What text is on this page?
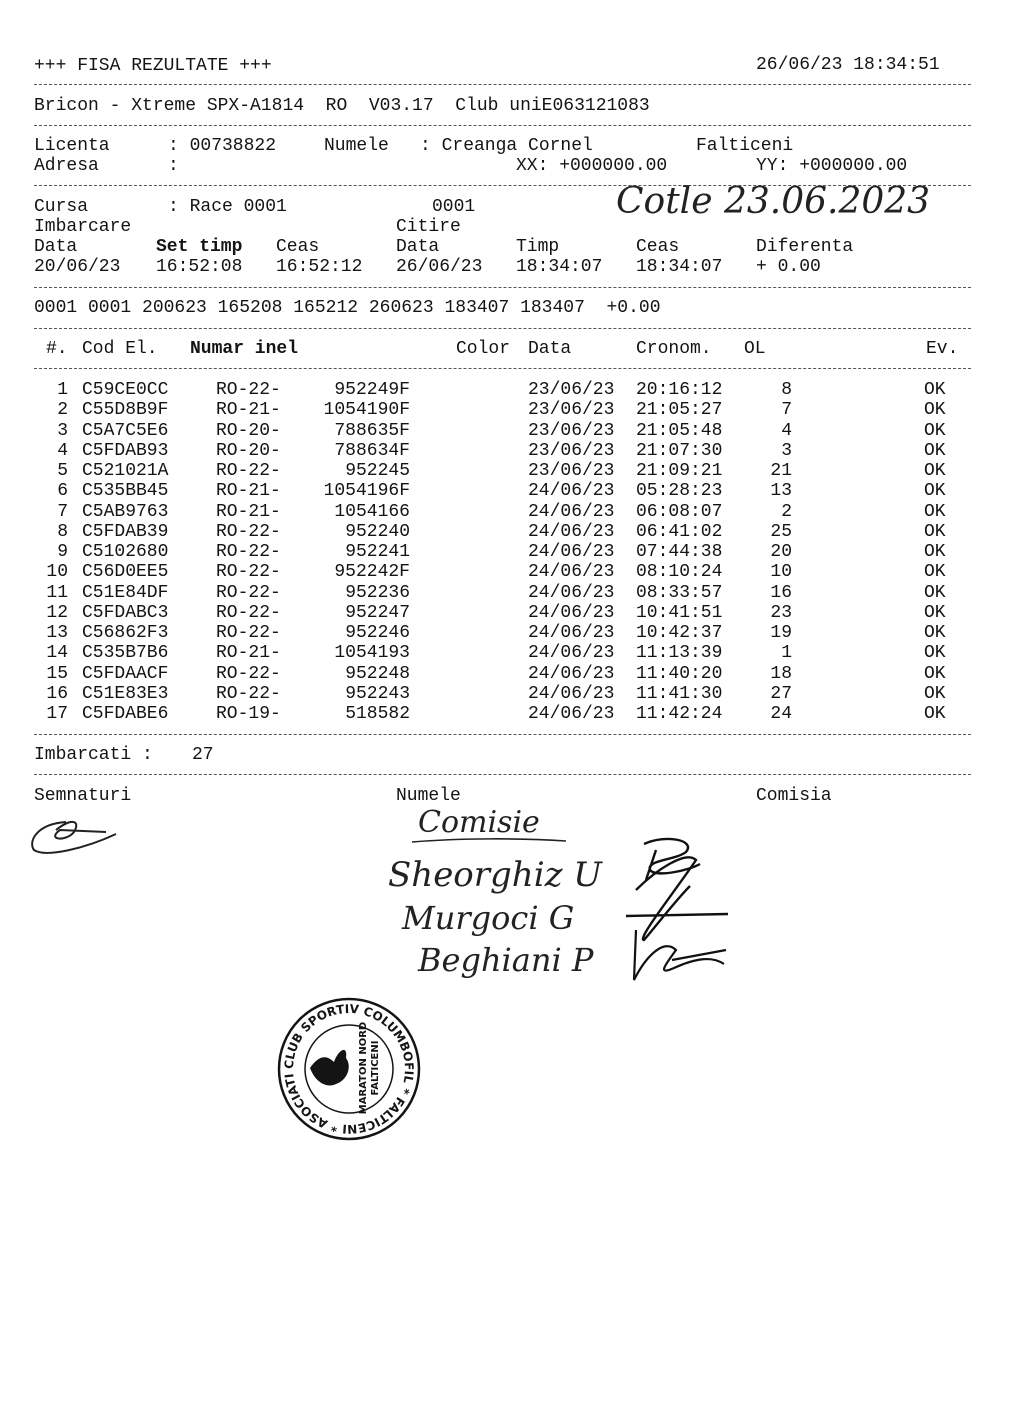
+++ FISA REZULTATE +++	26/06/23 18:34:51
Bricon - Xtreme SPX-A1814  RO  V03.17  Club uniE063121083
Licenta	: 00738822	Numele : Creanga Cornel	Falticeni
Adresa	:	XX: +000000.00	YY: +000000.00
Cursa	: Race 0001	0001	Cotle 23.06.2023
Imbarcare	Citire
Data	Set timp Ceas	Data	Timp	Ceas	Diferenta
20/06/23 16:52:08 16:52:12 26/06/23 18:34:07 18:34:07 + 0.00
0001 0001 200623 165208 165212 260623 183407 183407  +0.00
#. Cod El. Numar inel	Color Data	Cronom. OL	Ev.
1 C59CE0CC	RO-22-	952249F	23/06/23 20:16:12	8	OK
2 C55D8B9F	RO-21-	1054190F	23/06/23 21:05:27	7	OK
3 C5A7C5E6	RO-20-	788635F	23/06/23 21:05:48	4	OK
4 C5FDAB93	RO-20-	788634F	23/06/23 21:07:30	3	OK
5 C521021A	RO-22-	952245	23/06/23 21:09:21	21	OK
6 C535BB45	RO-21-	1054196F	24/06/23 05:28:23	13	OK
7 C5AB9763	RO-21-	1054166	24/06/23 06:08:07	2	OK
8 C5FDAB39	RO-22-	952240	24/06/23 06:41:02	25	OK
9 C5102680	RO-22-	952241	24/06/23 07:44:38	20	OK
10 C56D0EE5	RO-22-	952242F	24/06/23 08:10:24	10	OK
11 C51E84DF	RO-22-	952236	24/06/23 08:33:57	16	OK
12 C5FDABC3	RO-22-	952247	24/06/23 10:41:51	23	OK
13 C56862F3	RO-22-	952246	24/06/23 10:42:37	19	OK
14 C535B7B6	RO-21-	1054193	24/06/23 11:13:39	1	OK
15 C5FDAACF	RO-22-	952248	24/06/23 11:40:20	18	OK
16 C51E83E3	RO-22-	952243	24/06/23 11:41:30	27	OK
17 C5FDABE6	RO-19-	518582	24/06/23 11:42:24	24	OK
Imbarcati : 27
Semnaturi	Numele	Comisia
Comisie
Sheorghiz U
Murgoci G
Beghiani P
CLUB SPORTIV COLUMBOFIL * FALTICENI * ASOCIATIA
MARATON NORD FALTICENI
